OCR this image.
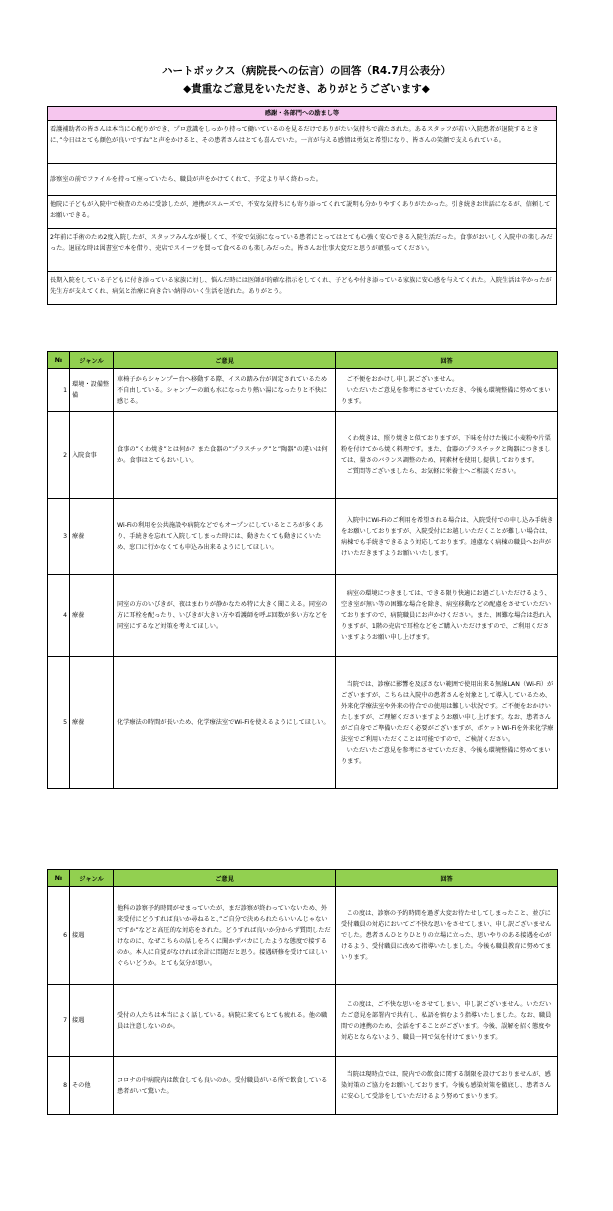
ハートボックス（病院長への伝言）の回答（R4.7月公表分）
◆貴重なご意見をいただき、ありがとうございます◆
感謝・各部門への励まし等
看護補助者の皆さんは本当に心配りができ、プロ意識をしっかり持って働いているのを見るだけでありがたい気持ちで満たされた。あるスタッフが若い入院患者が退院するときに、”今日はとても顔色が良いですね”と声をかけると、その患者さんはとても喜んでいた。一言が与える感情は勇気と希望になり、皆さんの笑顔で支えられている。
診察室の前でファイルを持って座っていたら、職員が声をかけてくれて、予定より早く終わった。
他院に子どもが入院中で検査のために受診したが、連携がスムーズで、不安な気持ちにも寄り添ってくれて説明も分かりやすくありがたかった。引き続きお世話になるが、信頼してお願いできる。
2年前に手術のため2度入院したが、スタッフみんなが優しくて、不安で気弱になっている患者にとってはとても心強く安心できる入院生活だった。食事がおいしく入院中の楽しみだった。退屈な時は図書室で本を借り、売店でスイーツを買って食べるのも楽しみだった。皆さんお仕事大変だと思うが頑張ってください。
長期入院をしている子どもに付き添っている家族に対し、悩んだ時には医師が的確な指示をしてくれ、子どもや付き添っている家族に安心感を与えてくれた。入院生活は辛かったが先生方が支えてくれ、病気と治療に向き合い納得のいく生活を送れた。ありがとう。
№	ジャンル	ご意見	回答
1	環境・設備整備	車椅子からシャンプー台へ移動する際、イスの踏み台が固定されているため不自由している。シャンプーの頭も水になったり熱い湯になったりと不快に感じる。	ご不便をおかけし申し訳ございません。
いただいたご意見を参考にさせていただき、今後も環境整備に努めてまいります。

2	入院食事	食事の”くわ焼き”とは何か？また食器の”プラスチック”と”陶器”の違いは何か。食事はとてもおいしい。	くわ焼きは、照り焼きと似ておりますが、下味を付けた後に小麦粉や片栗粉を付けてから焼く料理です。また、食器のプラスチックと陶器につきましては、量さのバランス調整のため、同素材を使用し提供しております。
ご質問等ございましたら、お気軽に栄養士へご相談ください。

3	療養	Wi-Fiの利用を公共施設や病院などでもオープンにしているところが多くあり、手続きを忘れて入院してしまった時には、動きたくても動きにくいため、窓口に行かなくても申込み出来るようにしてほしい。	入院中にWi-Fiのご利用を希望される場合は、入院受付での申し込み手続きをお願いしておりますが、入院受付にお越しいただくことが難しい場合は、病棟でも手続きできるよう対応しております。遠慮なく病棟の職員へお声がけいただきますようお願いいたします。

4	療養	同室の方のいびきが、夜はまわりが静かなため特に大きく聞こえる。同室の方に耳栓を配ったり、いびきが大きい方や看護師を呼ぶ回数が多い方などを同室にするなど対策を考えてほしい。	病室の環境につきましては、できる限り快適にお過ごしいただけるよう、空き室が無い等の困難な場合を除き、病室移動などの配慮をさせていただいておりますので、病院職員にお声かけください。また、困難な場合は恐れ入りますが、1階の売店で耳栓などをご購入いただけますので、ご利用くださいますようお願い申し上げます。

5	療養	化学療法の時間が長いため、化学療法室でWi-Fiを使えるようにしてほしい。	当院では、診療に影響を及ぼさない範囲で使用出来る無線LAN（Wi-Fi）がございますが、こちらは入院中の患者さんを対象として導入しているため、外来化学療法室や外来の待合での使用は難しい状況です。ご不便をおかけいたしますが、ご理解くださいますようお願い申し上げます。なお、患者さんがご自身でご準備いただく必要がございますが、ポケットWi-Fiを外来化学療法室でご利用いただくことは可能ですので、ご検討ください。
いただいたご意見を参考にさせていただき、今後も環境整備に努めてまいります。
№	ジャンル	ご意見	回答
6	接遇	他科の診察予約時間がせまっていたが、まだ診察が終わっていないため、外来受付にどうすれば良いか尋ねると、”ご自分で決められたらいいんじゃないですか”などと高圧的な対応をされた。どうすれば良いか分からず質問しただけなのに、なぜこちらの話しをろくに聞かずバカにしたような態度で接するのか。本人に自覚がなければ余計に問題だと思う。接遇研修を受けてほしいぐらいどうか。とても気分が悪い。	この度は、診察の予約時間を過ぎ大変お待たせしてしまったこと、並びに受付職員の対応においてご不快な思いをさせてしまい、申し訳ございませんでした。患者さんひとりひとりの立場に立った、思いやりのある接遇を心がけるよう、受付職員に改めて指導いたしました。今後も職員教育に努めてまいります。

7	接遇	受付の人たちは本当によく話している。病院に来てもとても疲れる。他の職員は注意しないのか。	この度は、ご不快な思いをさせてしまい、申し訳ございません。いただいたご意見を部署内で共有し、私語を慎むよう指導いたしました。なお、職員間での連携のため、会話をすることがございます。今後、誤解を招く態度や対応とならないよう、職員一同で気を付けてまいります。

8	その他	コロナの中病院内は飲食しても良いのか。受付職員がいる所で飲食している患者がいて驚いた。	当院は現時点では、院内での飲食に関する制限を設けておりませんが、感染対策のご協力をお願いしております。今後も感染対策を徹底し、患者さんに安心して受診をしていただけるよう努めてまいります。
